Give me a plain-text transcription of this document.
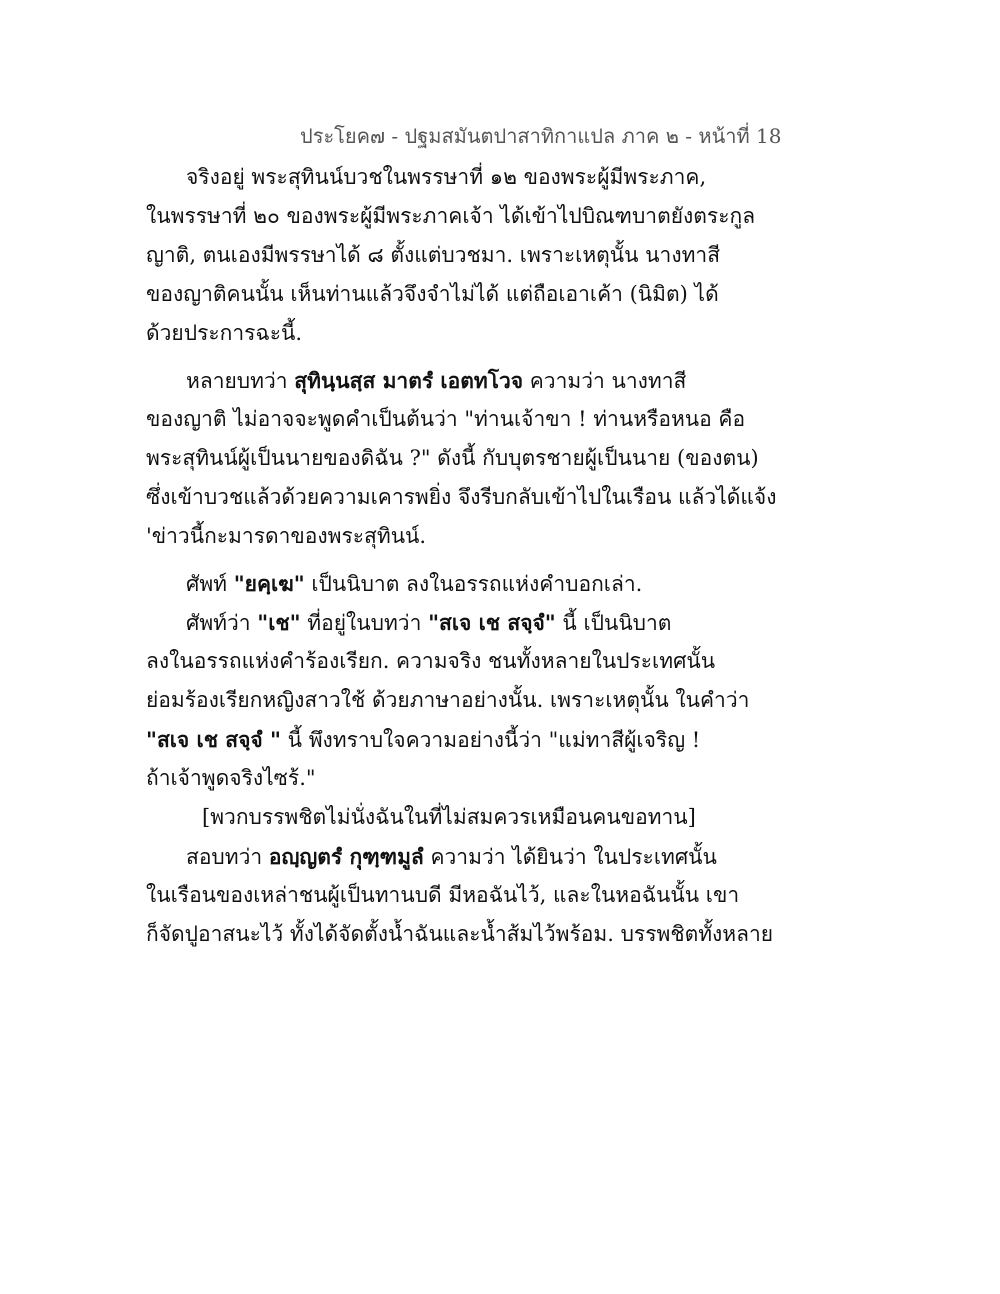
ประโยค๗ - ปฐมสมันตปาสาทิกาแปล ภาค ๒ - หน้าที่ 18
จริงอยู่ พระสุทินน์บวชในพรรษาที่ ๑๒ ของพระผู้มีพระภาค,
ในพรรษาที่ ๒๐ ของพระผู้มีพระภาคเจ้า ได้เข้าไปบิณฑบาตยังตระกูล
ญาติ, ตนเองมีพรรษาได้ ๘ ตั้งแต่บวชมา. เพราะเหตุนั้น นางทาสี
ของญาติคนนั้น เห็นท่านแล้วจึงจำไม่ได้ แต่ถือเอาเค้า (นิมิต) ได้
ด้วยประการฉะนี้.
หลายบทว่า สุทินฺนสฺส มาตรํ เอตทโวจ ความว่า นางทาสี
ของญาติ ไม่อาจจะพูดคำเป็นต้นว่า "ท่านเจ้าขา ! ท่านหรือหนอ คือ
พระสุทินน์ผู้เป็นนายของดิฉัน ?" ดังนี้ กับบุตรชายผู้เป็นนาย (ของตน)
ซึ่งเข้าบวชแล้วด้วยความเคารพยิ่ง จึงรีบกลับเข้าไปในเรือน แล้วได้แจ้ง
'ข่าวนี้กะมารดาของพระสุทินน์.
ศัพท์ "ยคฺเฆ" เป็นนิบาต ลงในอรรถแห่งคำบอกเล่า.
ศัพท์ว่า "เช" ที่อยู่ในบทว่า "สเจ เช สจฺจํ" นี้ เป็นนิบาต
ลงในอรรถแห่งคำร้องเรียก. ความจริง ชนทั้งหลายในประเทศนั้น
ย่อมร้องเรียกหญิงสาวใช้ ด้วยภาษาอย่างนั้น. เพราะเหตุนั้น ในคำว่า
"สเจ เช สจฺจํ " นี้ พึงทราบใจความอย่างนี้ว่า "แม่ทาสีผู้เจริญ !
ถ้าเจ้าพูดจริงไซร้."
[พวกบรรพชิตไม่นั่งฉันในที่ไม่สมควรเหมือนคนขอทาน]
สอบทว่า อญฺญตรํ กุฑฺฑมูลํ ความว่า ได้ยินว่า ในประเทศนั้น
ในเรือนของเหล่าชนผู้เป็นทานบดี มีหอฉันไว้, และในหอฉันนั้น เขา
ก็จัดปูอาสนะไว้ ทั้งได้จัดตั้งน้ำฉันและน้ำส้มไว้พร้อม. บรรพชิตทั้งหลาย
